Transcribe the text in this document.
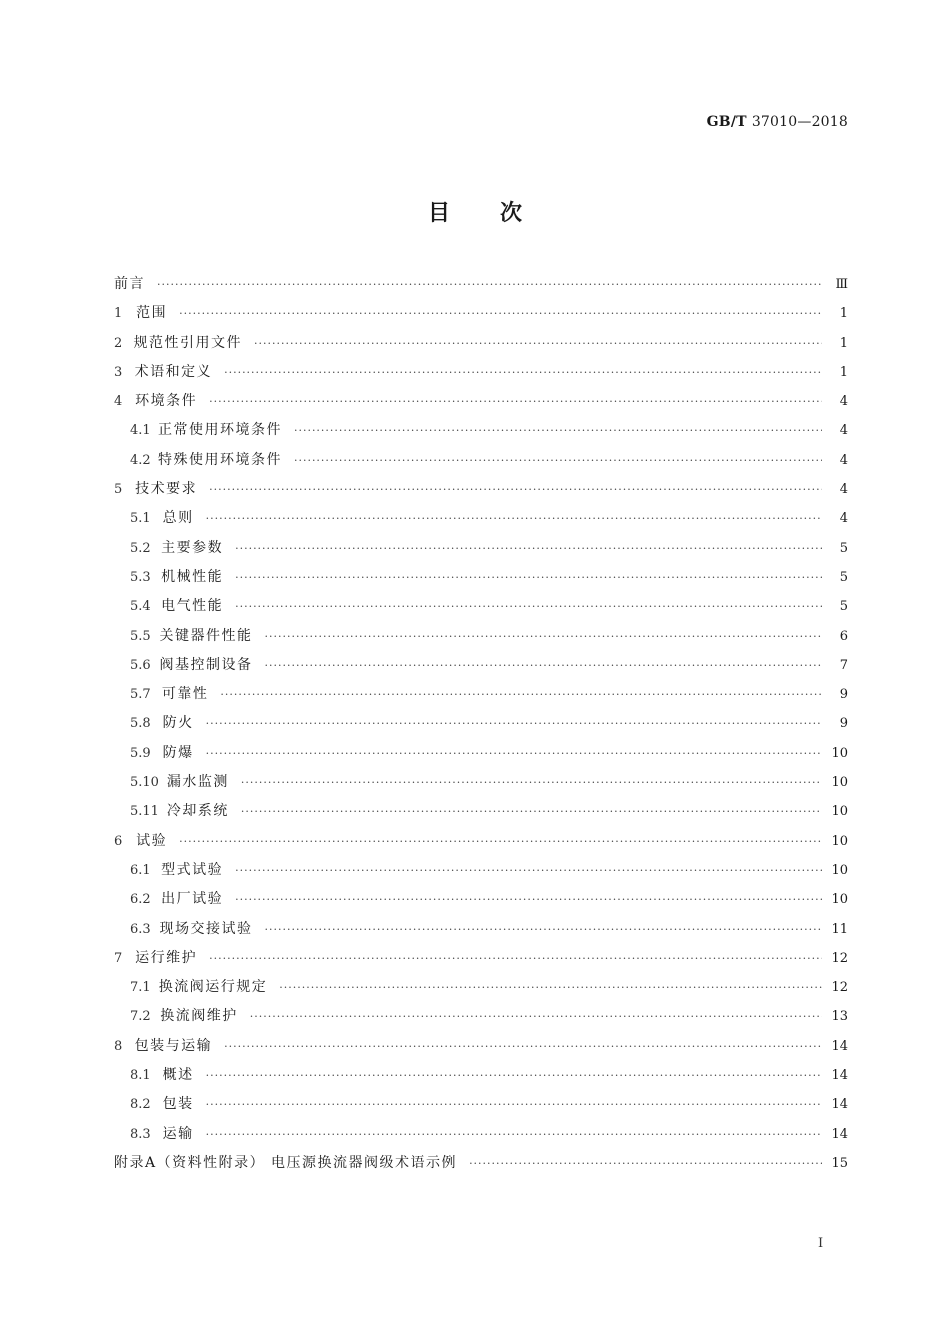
GB/T 37010—2018
目次
前言 ·····	Ⅲ
1 范围 ·····	1
2 规范性引用文件 ·····	1
3 术语和定义 ·····	1
4 环境条件 ·····	4
4.1 正常使用环境条件 ·····	4
4.2 特殊使用环境条件 ·····	4
5 技术要求 ·····	4
5.1 总则 ·····	4
5.2 主要参数 ·····	5
5.3 机械性能 ·····	5
5.4 电气性能 ·····	5
5.5 关键器件性能 ·····	6
5.6 阀基控制设备 ·····	7
5.7 可靠性 ·····	9
5.8 防火 ·····	9
5.9 防爆 ·····	10
5.10 漏水监测 ·····	10
5.11 冷却系统 ·····	10
6 试验 ·····	10
6.1 型式试验 ·····	10
6.2 出厂试验 ·····	10
6.3 现场交接试验 ·····	11
7 运行维护 ·····	12
7.1 换流阀运行规定 ·····	12
7.2 换流阀维护 ·····	13
8 包装与运输 ·····	14
8.1 概述 ·····	14
8.2 包装 ·····	14
8.3 运输 ·····	14
附录A（资料性附录） 电压源换流器阀级术语示例 ·····	15
I
